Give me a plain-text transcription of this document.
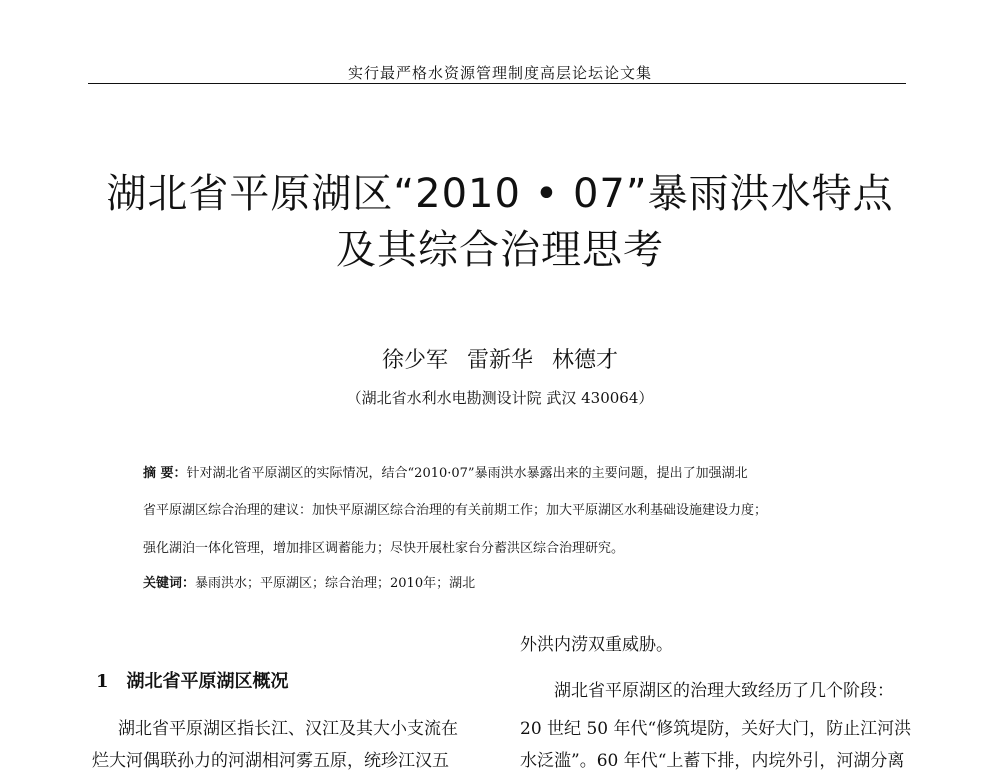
实行最严格水资源管理制度高层论坛论文集
湖北省平原湖区“2010 • 07”暴雨洪水特点
及其综合治理思考
徐少军 雷新华 林德才
（湖北省水利水电勘测设计院 武汉 430064）
摘 要：针对湖北省平原湖区的实际情况，结合“2010·07”暴雨洪水暴露出来的主要问题，提出了加强湖北
省平原湖区综合治理的建议：加快平原湖区综合治理的有关前期工作；加大平原湖区水利基础设施建设力度；
强化湖泊一体化管理，增加排区调蓄能力；尽快开展杜家台分蓄洪区综合治理研究。
关键词：暴雨洪水；平原湖区；综合治理；2010年；湖北
1 湖北省平原湖区概况
湖北省平原湖区指长江、汉江及其大小支流在
烂大河偶联孙力的河湖相河雾五原，统珍江汉五
外洪内涝双重威胁。
湖北省平原湖区的治理大致经历了几个阶段：
20 世纪 50 年代“修筑堤防，关好大门，防止江河洪
水泛滥”。60 年代“上蓄下排，内垸外引，河湖分离
